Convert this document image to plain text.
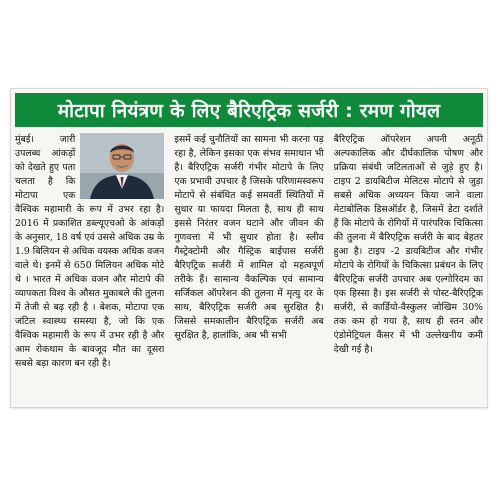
मोटापा नियंत्रण के लिए बैरिएट्रिक सर्जरी : रमण गोयल

मुंबई। जारी उपलब्ध आंकड़ों को देखते हुए पता चलता है कि मोटापा एक वैश्विक महामारी के रूप में उभर रहा है। 2016 में प्रकाशित डब्ल्यूएचओ के आंकड़ों के अनुसार, 18 वर्ष एवं उससे अधिक उम्र के 1.9 बिलियन से अधिक वयस्क अधिक वजन वाले थे। इनमें से 650 मिलियन अधिक मोटे थे । भारत में अधिक वजन और मोटापे की व्यापकता विश्व के औसत मुकाबले की तुलना में तेजी से बढ़ रही है । बेशक, मोटापा एक जटिल स्वास्थ्य समस्या है, जो कि एक वैश्विक महामारी के रूप में उभर रही है और आम रोकथाम के बावजूद मौत का दूसरा सबसे बड़ा कारण बन रही है।

इसमें कई चुनौतियों का सामना भी करना पड़ रहा है, लेकिन इसका एक संभव समाधान भी है। बैरिएट्रिक सर्जरी गंभीर मोटापे के लिए एक प्रभावी उपचार है जिसके परिणामस्वरूप मोटापे से संबंधित कई समवर्ती स्थितियों में सुधार या फायदा मिलता है, साथ ही साथ इससे निरंतर वजन घटाने और जीवन की गुणवत्ता में भी सुधार होता है। स्लीव गैस्ट्रेक्टोमी और गैस्ट्रिक बाईपास सर्जरी बैरिएट्रिक सर्जरी में शामिल दो महत्वपूर्ण तरीके हैं। सामान्य वैकल्पिक एवं सामान्य सर्जिकल ऑपरेशन की तुलना में मृत्यु दर के साथ, बैरिएट्रिक सर्जरी अब सुरक्षित है। जिससे समकालीन बैरिएट्रिक सर्जरी अब सुरक्षित है, हालांकि, अब भी सभी

बैरिएट्रिक ऑपरेशन अपनी अनूठी अल्पकालिक और दीर्घकालिक पोषण और प्रक्रिया संबंधी जटिलताओं से जुड़े हुए है। टाइप 2 डायबिटीज मेलिटस मोटापे से जुड़ा सबसे अधिक अध्ययन किया जाने वाला मेटाबोलिक डिसऑर्डर है, जिसमें डेटा दर्शाते हैं कि मोटापे के रोगियों में पारंपरिक चिकित्सा की तुलना में बैरिएट्रिक सर्जरी के बाद बेहतर हुआ है। टाइप -2 डायबिटीज और गंभीर मोटापे के रोगियों के चिकित्सा प्रबंधन के लिए बैरिएट्रिक सर्जरी उपचार अब एल्गोरिदम का एक हिस्सा है। इस सर्जरी से पोस्ट-बैरिएट्रिक सर्जरी, से कार्डियो-वैस्कुलर जोखिम 30% तक कम हो गया है, साथ ही स्तन और एंडोमेट्रियल कैंसर में भी उल्लेखनीय कमी देखी गई है।
